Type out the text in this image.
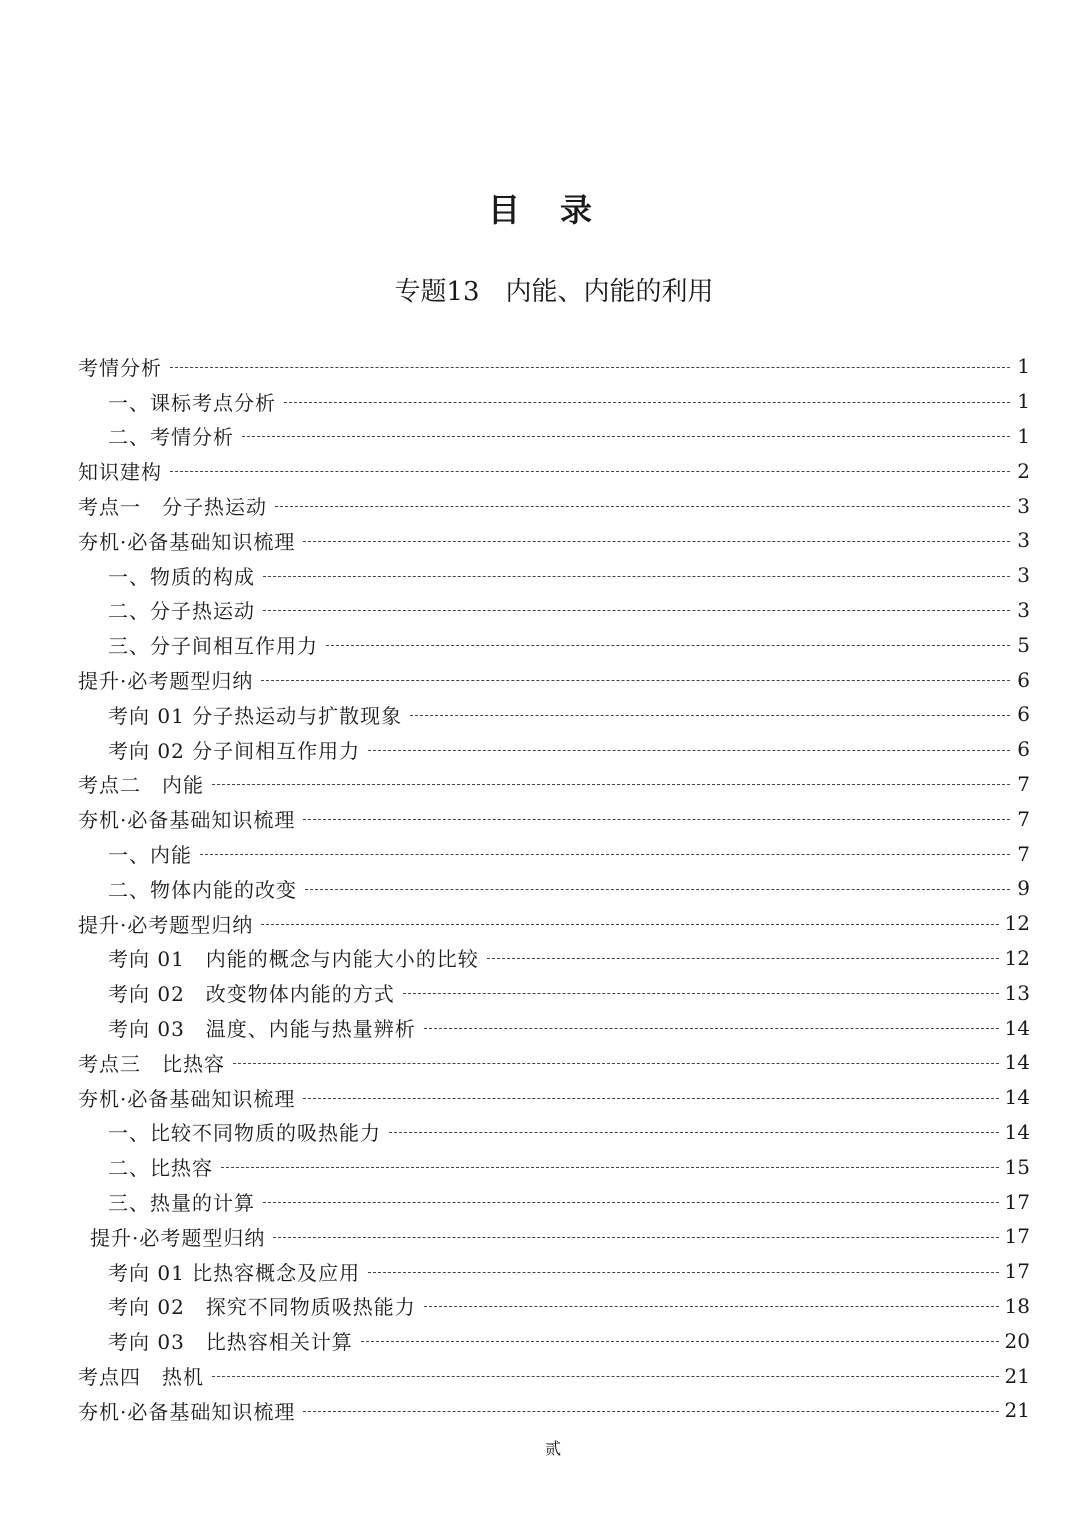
目录
专题13　内能、内能的利用
考情分析	1
一、课标考点分析	1
二、考情分析	1
知识建构	2
考点一　分子热运动	3
夯机·必备基础知识梳理	3
一、物质的构成	3
二、分子热运动	3
三、分子间相互作用力	5
提升·必考题型归纳	6
考向 01 分子热运动与扩散现象	6
考向 02 分子间相互作用力	6
考点二　内能	7
夯机·必备基础知识梳理	7
一、内能	7
二、物体内能的改变	9
提升·必考题型归纳	12
考向 01　内能的概念与内能大小的比较	12
考向 02　改变物体内能的方式	13
考向 03　温度、内能与热量辨析	14
考点三　比热容	14
夯机·必备基础知识梳理	14
一、比较不同物质的吸热能力	14
二、比热容	15
三、热量的计算	17
提升·必考题型归纳	17
考向 01 比热容概念及应用	17
考向 02　探究不同物质吸热能力	18
考向 03　比热容相关计算	20
考点四　热机	21
夯机·必备基础知识梳理	21
贰
